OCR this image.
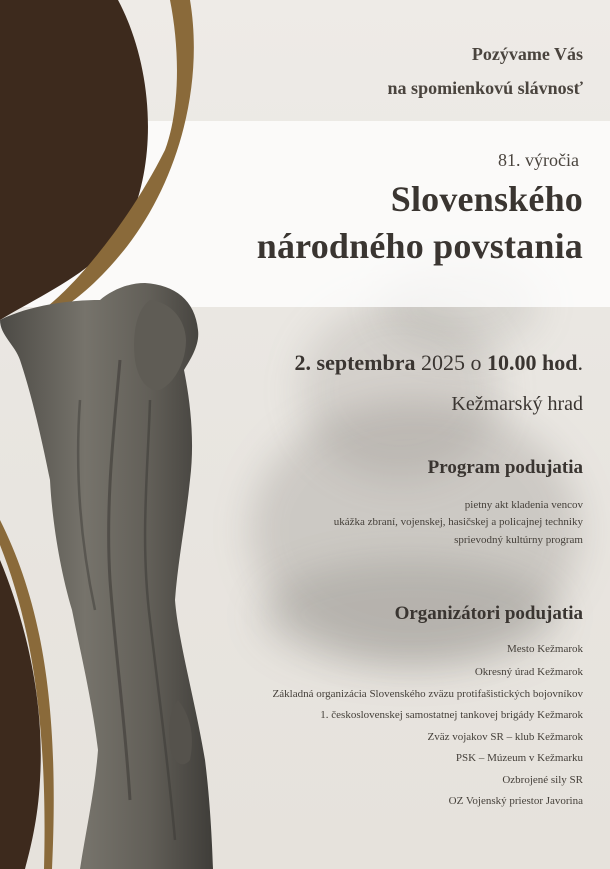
Pozývame Vás
na spomienkovú slávnosť
81. výročia
Slovenského
národného povstania
2. septembra 2025 o 10.00 hod.
Kežmarský hrad
Program podujatia
pietny akt kladenia vencov
ukážka zbraní, vojenskej, hasičskej a policajnej techniky
sprievodný kultúrny program
Organizátori podujatia
Mesto Kežmarok
Okresný úrad Kežmarok
Základná organizácia Slovenského zväzu protifašistických bojovníkov
1. československej samostatnej tankovej brigády Kežmarok
Zväz vojakov SR – klub Kežmarok
PSK – Múzeum v Kežmarku
Ozbrojené sily SR
OZ Vojenský priestor Javorina
